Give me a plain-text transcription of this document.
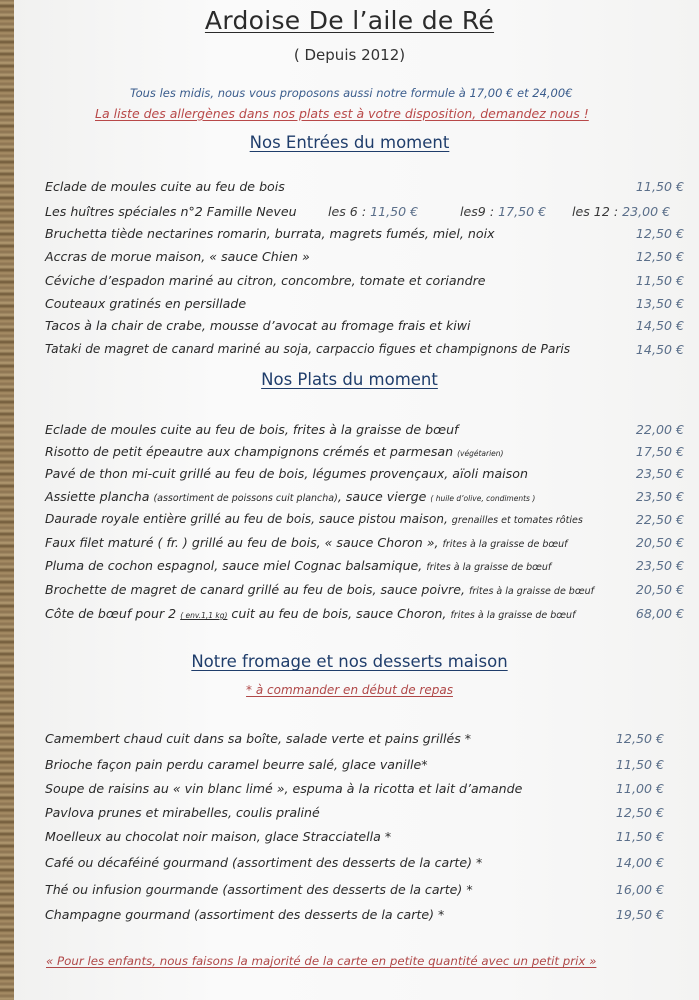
Ardoise De l’aile de Ré
( Depuis 2012)
Tous les midis, nous vous proposons aussi notre formule à 17,00 € et 24,00€
La liste des allergènes dans nos plats est à votre disposition, demandez nous !
Nos Entrées du moment
Eclade de moules cuite au feu de bois	11,50 €
Les huîtres spéciales n°2 Famille Neveu les 6 : 11,50 €	les9 : 17,50 € les 12 : 23,00 €
Bruchetta tiède nectarines romarin, burrata, magrets fumés, miel, noix	12,50 €
Accras de morue maison, « sauce Chien »	12,50 €
Céviche d’espadon mariné au citron, concombre, tomate et coriandre	11,50 €
Couteaux gratinés en persillade	13,50 €
Tacos à la chair de crabe, mousse d’avocat au fromage frais et kiwi	14,50 €
Tataki de magret de canard mariné au soja, carpaccio figues et champignons de Paris	14,50 €
Nos Plats du moment
Eclade de moules cuite au feu de bois, frites à la graisse de bœuf	22,00 €
Risotto de petit épeautre aux champignons crémés et parmesan (végétarien)	17,50 €
Pavé de thon mi-cuit grillé au feu de bois, légumes provençaux, aïoli maison	23,50 €
Assiette plancha (assortiment de poissons cuit plancha), sauce vierge ( huile d’olive, condiments )	23,50 €
Daurade royale entière grillé au feu de bois, sauce pistou maison, grenailles et tomates rôties	22,50 €
Faux filet maturé ( fr. ) grillé au feu de bois, « sauce Choron », frites à la graisse de bœuf	20,50 €
Pluma de cochon espagnol, sauce miel Cognac balsamique, frites à la graisse de bœuf	23,50 €
Brochette de magret de canard grillé au feu de bois, sauce poivre, frites à la graisse de bœuf	20,50 €
Côte de bœuf pour 2 ( env.1,1 kg) cuit au feu de bois, sauce Choron, frites à la graisse de bœuf	68,00 €
Notre fromage et nos desserts maison
* à commander en début de repas
Camembert chaud cuit dans sa boîte, salade verte et pains grillés *	12,50 €
Brioche façon pain perdu caramel beurre salé, glace vanille*	11,50 €
Soupe de raisins au « vin blanc limé », espuma à la ricotta et lait d’amande	11,00 €
Pavlova prunes et mirabelles, coulis praliné	12,50 €
Moelleux au chocolat noir maison, glace Stracciatella *	11,50 €
Café ou décaféiné gourmand (assortiment des desserts de la carte) *	14,00 €
Thé ou infusion gourmande (assortiment des desserts de la carte) *	16,00 €
Champagne gourmand (assortiment des desserts de la carte) *	19,50 €
« Pour les enfants, nous faisons la majorité de la carte en petite quantité avec un petit prix »
